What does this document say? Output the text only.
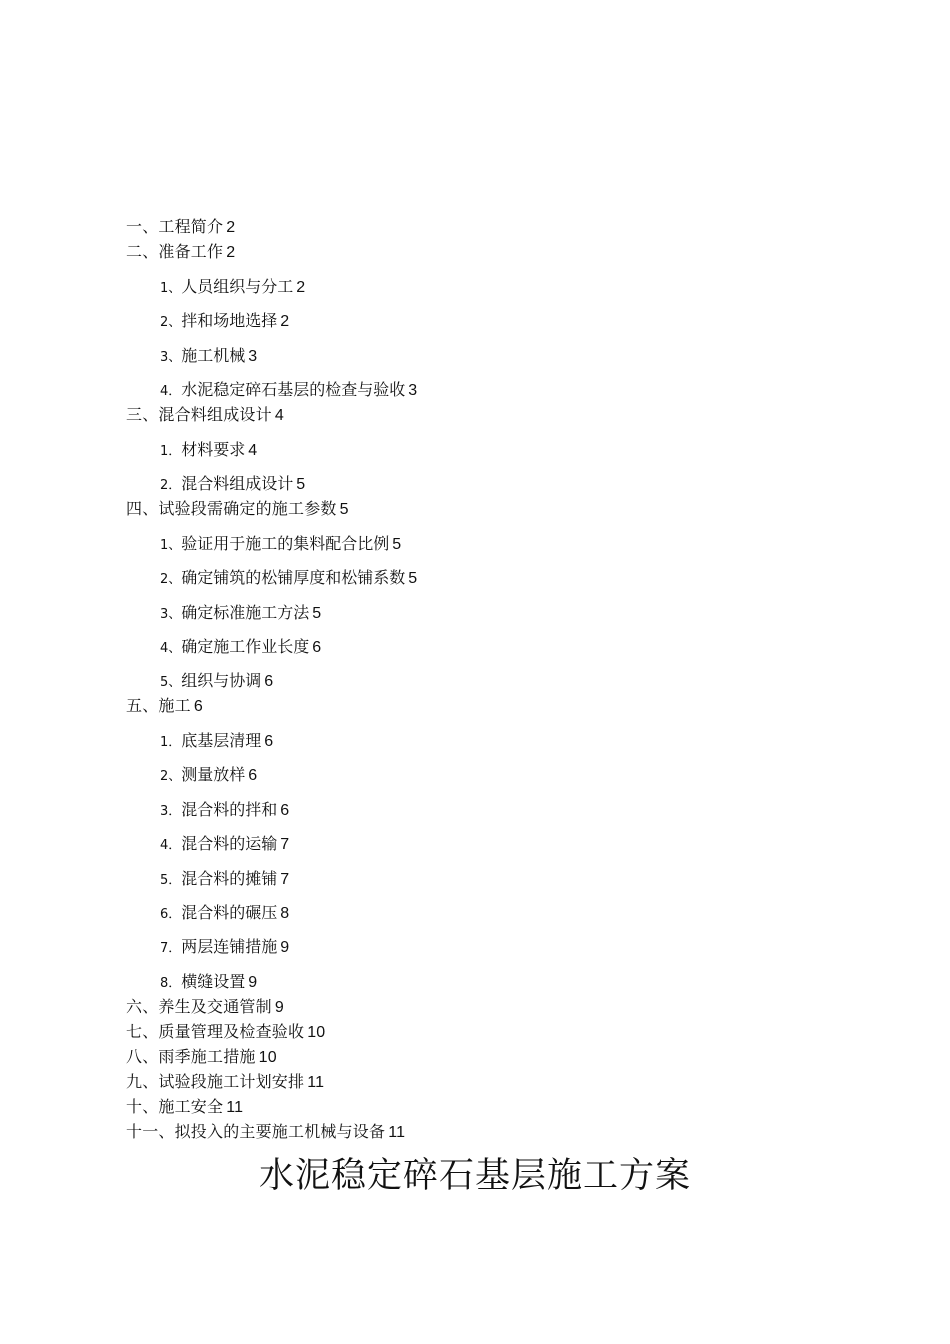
一、工程简介 2
二、准备工作 2
1、人员组织与分工 2
2、拌和场地选择 2
3、施工机械 3
4．水泥稳定碎石基层的检查与验收 3
三、混合料组成设计 4
1．材料要求 4
2．混合料组成设计 5
四、试验段需确定的施工参数 5
1、验证用于施工的集料配合比例 5
2、确定铺筑的松铺厚度和松铺系数 5
3、确定标准施工方法 5
4、确定施工作业长度 6
5、组织与协调 6
五、施工 6
1．底基层清理 6
2、测量放样 6
3．混合料的拌和 6
4．混合料的运输 7
5．混合料的摊铺 7
6．混合料的碾压 8
7．两层连铺措施 9
8．横缝设置 9
六、养生及交通管制 9
七、质量管理及检查验收 10
八、雨季施工措施 10
九、试验段施工计划安排 11
十、施工安全 11
十一、拟投入的主要施工机械与设备 11
水泥稳定碎石基层施工方案
